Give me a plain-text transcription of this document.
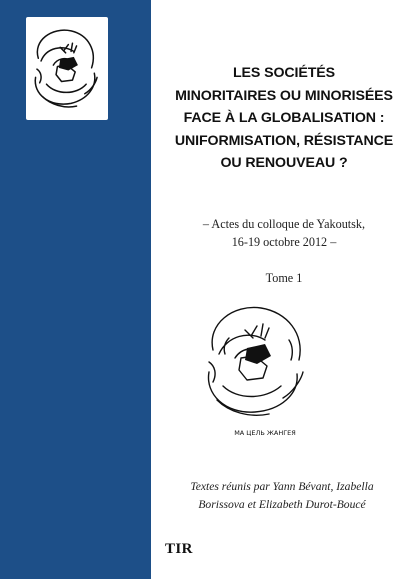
LES SOCIÉTÉS
MINORITAIRES OU MINORISÉES
FACE À LA GLOBALISATION :
UNIFORMISATION, RÉSISTANCE
OU RENOUVEAU ?
– Actes du colloque de Yakoutsk,
16-19 octobre 2012 –
Tome 1
МА ЦЕЛЬ ЖАНГЕЯ
Textes réunis par Yann Bévant, Izabella
Borissova et Elizabeth Durot-Boucé
TIR
